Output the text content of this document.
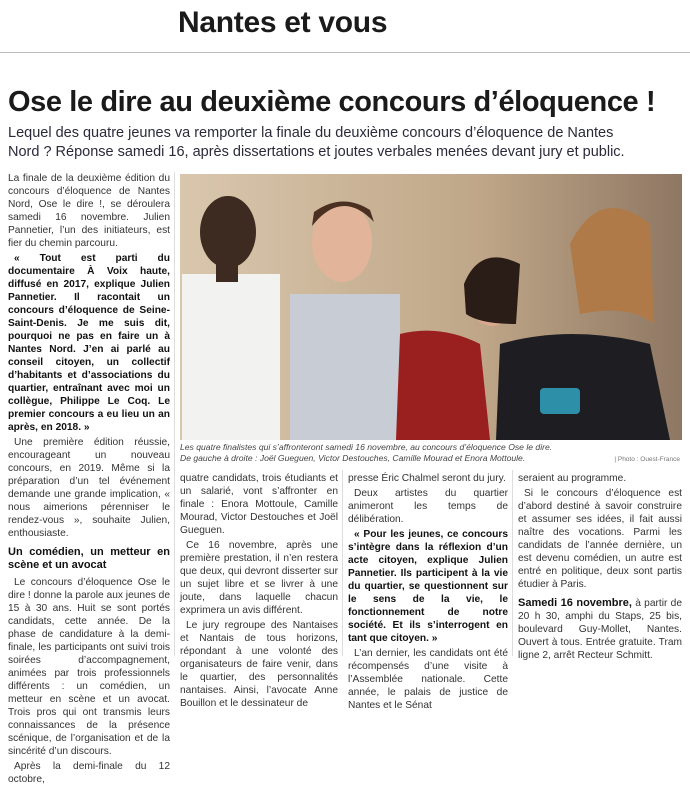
Nantes et vous
Ose le dire au deuxième concours d’éloquence !
Lequel des quatre jeunes va remporter la finale du deuxième concours d’éloquence de Nantes Nord ? Réponse samedi 16, après dissertations et joutes verbales menées devant jury et public.

La finale de la deuxième édition du concours d’éloquence de Nantes Nord, Ose le dire !, se déroulera samedi 16 novembre. Julien Pannetier, l’un des initiateurs, est fier du chemin parcouru.

« Tout est parti du documentaire À Voix haute, diffusé en 2017, explique Julien Pannetier. Il racontait un concours d’éloquence de Seine-Saint-Denis. Je me suis dit, pourquoi ne pas en faire un à Nantes Nord. J’en ai parlé au conseil citoyen, un collectif d’habitants et d’associations du quartier, entraînant avec moi un collègue, Philippe Le Coq. Le premier concours a eu lieu un an après, en 2018. »

Une première édition réussie, encourageant un nouveau concours, en 2019. Même si la préparation d’un tel événement demande une grande implication, « nous aimerions pérenniser le rendez-vous », souhaite Julien, enthousiaste.

Un comédien, un metteur en scène et un avocat

Le concours d’éloquence Ose le dire ! donne la parole aux jeunes de 15 à 30 ans. Huit se sont portés candidats, cette année. De la phase de candidature à la demi-finale, les participants ont suivi trois soirées d’accompagnement, animées par trois professionnels différents : un comédien, un metteur en scène et un avocat. Trois pros qui ont transmis leurs connaissances de la présence scénique, de l’organisation et de la sincérité d’un discours.

Après la demi-finale du 12 octobre,

Les quatre finalistes qui s’affronteront samedi 16 novembre, au concours d’éloquence Ose le dire.
De gauche à droite : Joël Gueguen, Victor Destouches, Camille Mourad et Enora Mottoule.	| Photo : Ouest-France

quatre candidats, trois étudiants et un salarié, vont s’affronter en finale : Enora Mottoule, Camille Mourad, Victor Destouches et Joël Gueguen.

Ce 16 novembre, après une première prestation, il n’en restera que deux, qui devront disserter sur un sujet libre et se livrer à une joute, dans laquelle chacun exprimera un avis différent.

Le jury regroupe des Nantaises et Nantais de tous horizons, répondant à une volonté des organisateurs de faire venir, dans le quartier, des personnalités nantaises. Ainsi, l’avocate Anne Bouillon et le dessinateur de

presse Éric Chalmel seront du jury.

Deux artistes du quartier animeront les temps de délibération.

« Pour les jeunes, ce concours s’intègre dans la réflexion d’un acte citoyen, explique Julien Pannetier. Ils participent à la vie du quartier, se questionnent sur le sens de la vie, le fonctionnement de notre société. Et ils s’interrogent en tant que citoyen. »

L’an dernier, les candidats ont été récompensés d’une visite à l’Assemblée nationale. Cette année, le palais de justice de Nantes et le Sénat

seraient au programme.

Si le concours d’éloquence est d’abord destiné à savoir construire et assumer ses idées, il fait aussi naître des vocations. Parmi les candidats de l’année dernière, un est devenu comédien, un autre est entré en politique, deux sont partis étudier à Paris.

Samedi 16 novembre, à partir de 20 h 30, amphi du Staps, 25 bis, boulevard Guy-Mollet, Nantes. Ouvert à tous. Entrée gratuite. Tram ligne 2, arrêt Recteur Schmitt.
